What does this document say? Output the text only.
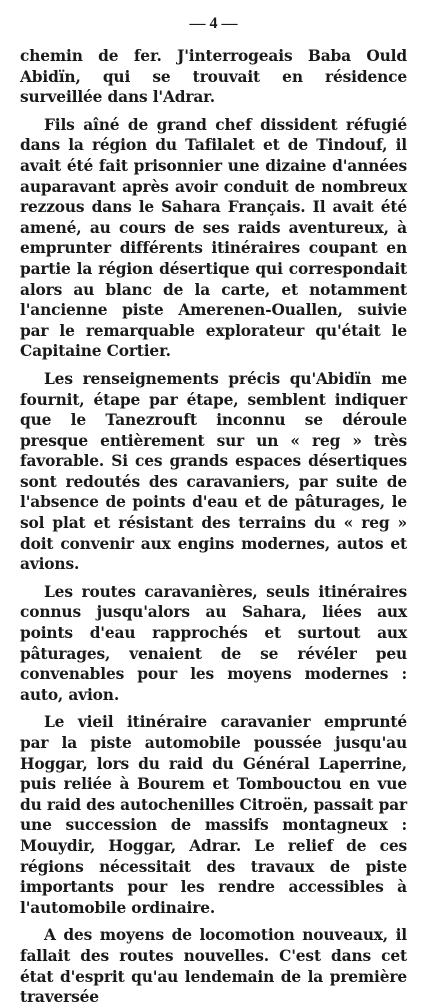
— 4 —

chemin de fer. J'interrogeais Baba Ould Abidïn, qui se trouvait en résidence surveillée dans l'Adrar.

Fils aîné de grand chef dissident réfugié dans la région du Tafilalet et de Tindouf, il avait été fait prisonnier une dizaine d'années auparavant après avoir conduit de nombreux rezzous dans le Sahara Français. Il avait été amené, au cours de ses raids aventureux, à emprunter différents itinéraires coupant en partie la région désertique qui correspondait alors au blanc de la carte, et notamment l'ancienne piste Amerenen-Ouallen, suivie par le remarquable explorateur qu'était le Capitaine Cortier.

Les renseignements précis qu'Abidïn me fournit, étape par étape, semblent indiquer que le Tanezrouft inconnu se déroule presque entièrement sur un « reg » très favorable. Si ces grands espaces désertiques sont redoutés des caravaniers, par suite de l'absence de points d'eau et de pâturages, le sol plat et résistant des terrains du « reg » doit convenir aux engins modernes, autos et avions.

Les routes caravanières, seuls itinéraires connus jusqu'alors au Sahara, liées aux points d'eau rapprochés et surtout aux pâturages, venaient de se révéler peu convenables pour les moyens modernes : auto, avion.

Le vieil itinéraire caravanier emprunté par la piste automobile poussée jusqu'au Hoggar, lors du raid du Général Laperrine, puis reliée à Bourem et Tombouctou en vue du raid des autochenilles Citroën, passait par une succession de massifs montagneux : Mouydir, Hoggar, Adrar. Le relief de ces régions nécessitait des travaux de piste importants pour les rendre accessibles à l'automobile ordinaire.

A des moyens de locomotion nouveaux, il fallait des routes nouvelles. C'est dans cet état d'esprit qu'au lendemain de la première traversée
